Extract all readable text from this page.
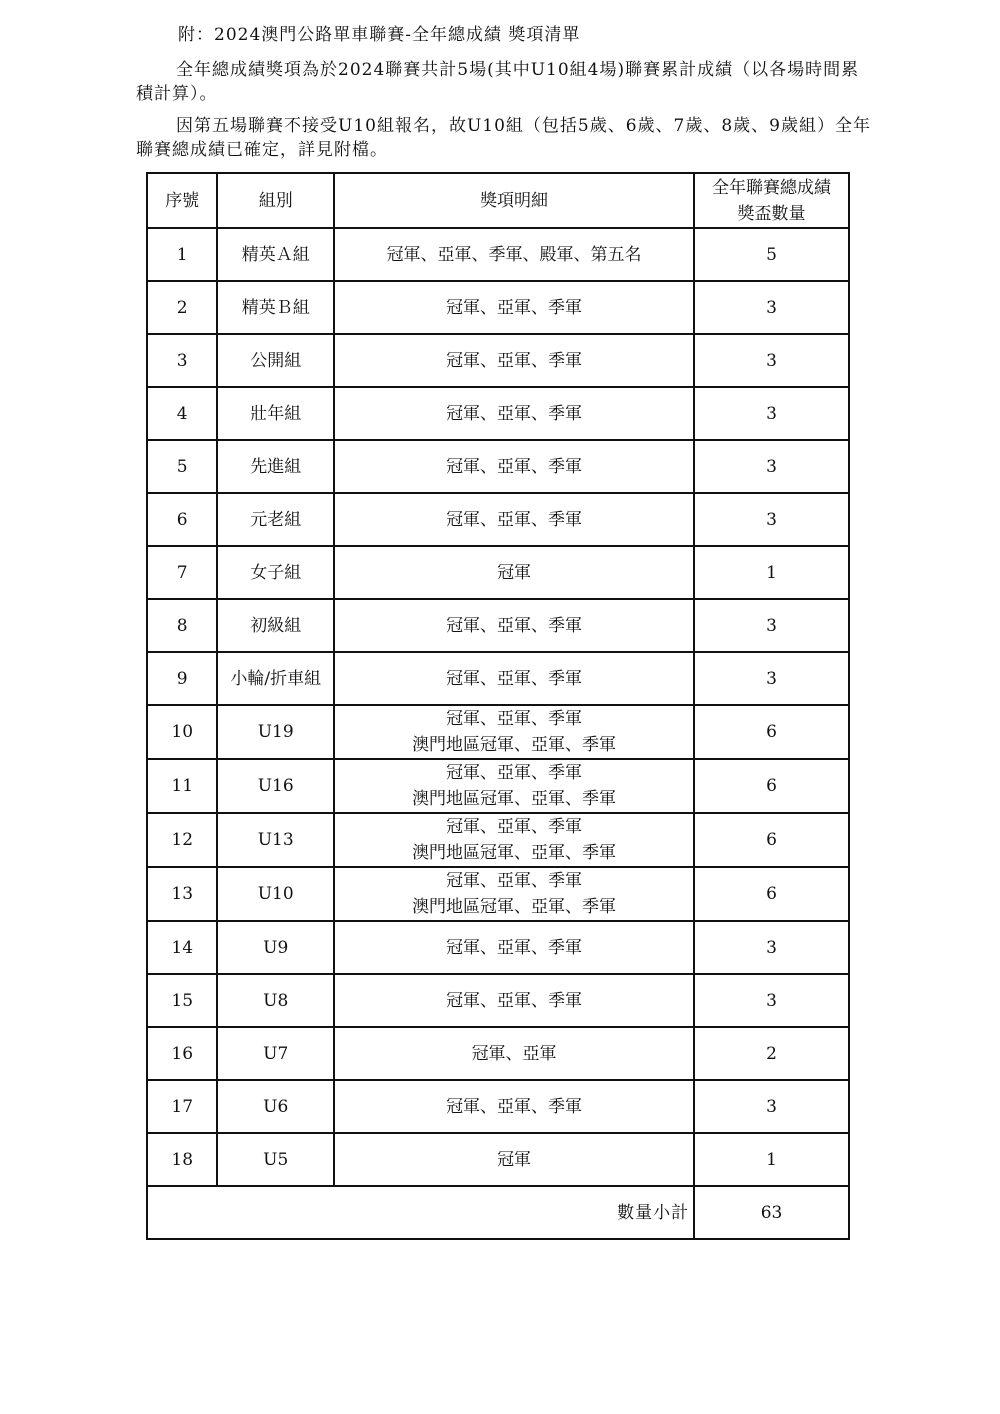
附：2024澳門公路單車聯賽-全年總成績 獎項清單
全年總成績獎項為於2024聯賽共計5場(其中U10組4場)聯賽累計成績（以各場時間累積計算）。
因第五場聯賽不接受U10組報名，故U10組（包括5歲、6歲、7歲、8歲、9歲組）全年聯賽總成績已確定，詳見附檔。
序號	組別	獎項明細	全年聯賽總成績
獎盃數量

1	精英Ａ組	冠軍、亞軍、季軍、殿軍、第五名	5
2	精英Ｂ組	冠軍、亞軍、季軍	3
3	公開組	冠軍、亞軍、季軍	3
4	壯年組	冠軍、亞軍、季軍	3
5	先進組	冠軍、亞軍、季軍	3
6	元老組	冠軍、亞軍、季軍	3
7	女子組	冠軍	1
8	初級組	冠軍、亞軍、季軍	3
9	小輪/折車組	冠軍、亞軍、季軍	3
10	U19	冠軍、亞軍、季軍
澳門地區冠軍、亞軍、季軍	6
11	U16	冠軍、亞軍、季軍
澳門地區冠軍、亞軍、季軍	6
12	U13	冠軍、亞軍、季軍
澳門地區冠軍、亞軍、季軍	6
13	U10	冠軍、亞軍、季軍
澳門地區冠軍、亞軍、季軍	6
14	U9	冠軍、亞軍、季軍	3
15	U8	冠軍、亞軍、季軍	3
16	U7	冠軍、亞軍	2
17	U6	冠軍、亞軍、季軍	3
18	U5	冠軍	1
數量小計			63
